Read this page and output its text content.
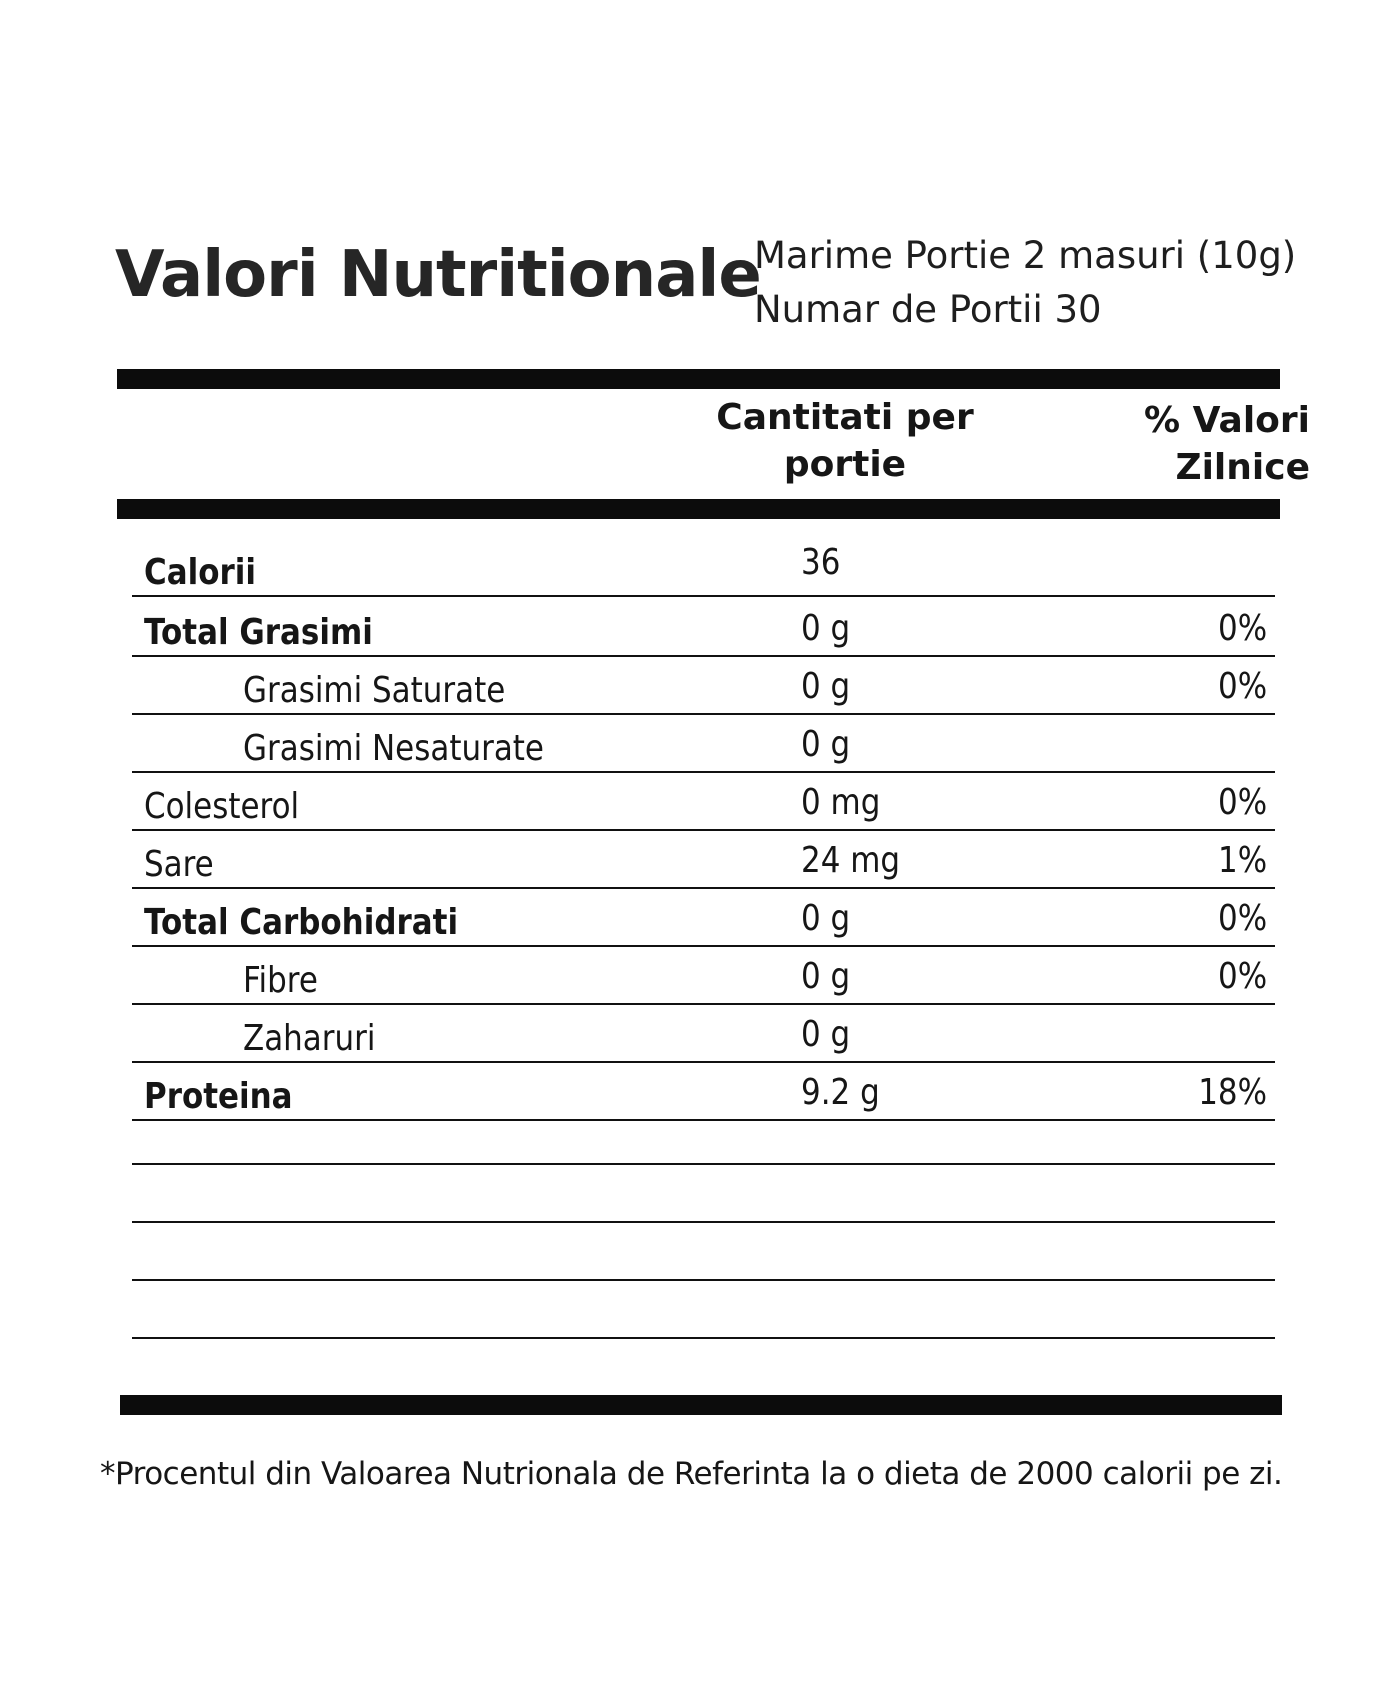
Valori Nutritionale
Marime Portie 2 masuri (10g)
Numar de Portii 30
Cantitati per portie
% Valori Zilnice
Calorii	36
Total Grasimi	0 g	0%
Grasimi Saturate	0 g	0%
Grasimi Nesaturate	0 g
Colesterol	0 mg	0%
Sare	24 mg	1%
Total Carbohidrati	0 g	0%
Fibre	0 g	0%
Zaharuri	0 g
Proteina	9.2 g	18%
*Procentul din Valoarea Nutrionala de Referinta la o dieta de 2000 calorii pe zi.
